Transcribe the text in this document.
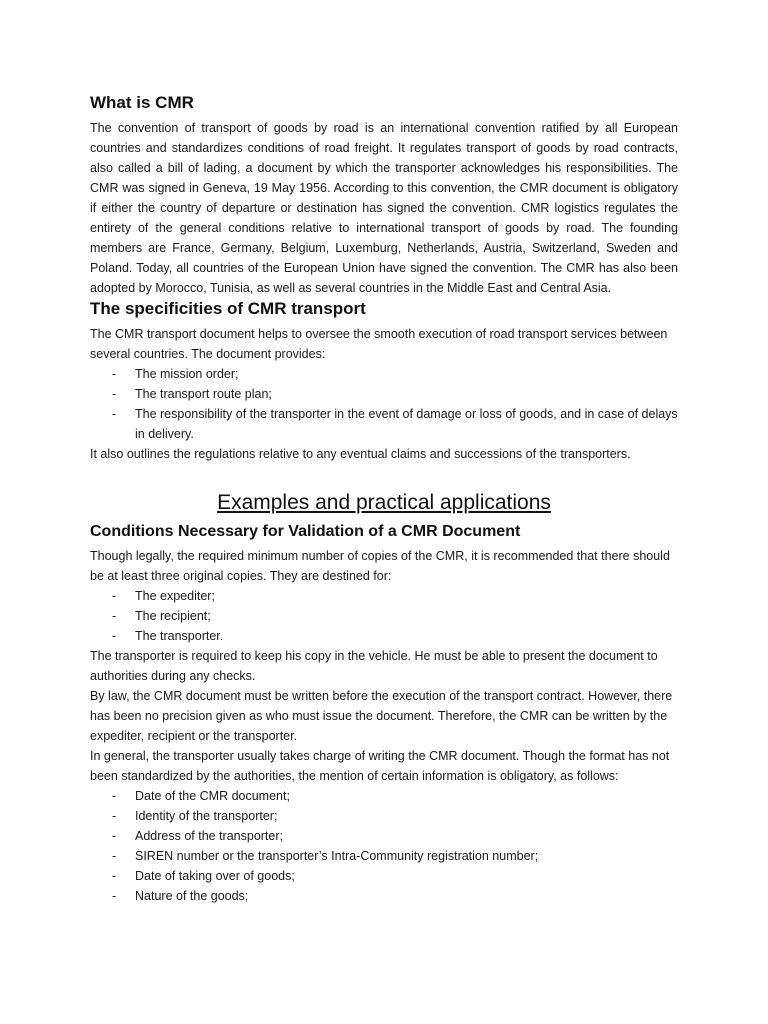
What is CMR

The convention of transport of goods by road is an international convention ratified by all European countries and standardizes conditions of road freight. It regulates transport of goods by road contracts, also called a bill of lading, a document by which the transporter acknowledges his responsibilities. The CMR was signed in Geneva, 19 May 1956. According to this convention, the CMR document is obligatory if either the country of departure or destination has signed the convention. CMR logistics regulates the entirety of the general conditions relative to international transport of goods by road. The founding members are France, Germany, Belgium, Luxemburg, Netherlands, Austria, Switzerland, Sweden and Poland. Today, all countries of the European Union have signed the convention. The CMR has also been adopted by Morocco, Tunisia, as well as several countries in the Middle East and Central Asia.

The specificities of CMR transport

The CMR transport document helps to oversee the smooth execution of road transport services between several countries. The document provides:

- The mission order;
- The transport route plan;
- The responsibility of the transporter in the event of damage or loss of goods, and in case of delays in delivery.

It also outlines the regulations relative to any eventual claims and successions of the transporters.

Examples and practical applications
Conditions Necessary for Validation of a CMR Document

Though legally, the required minimum number of copies of the CMR, it is recommended that there should be at least three original copies. They are destined for:

- The expediter;
- The recipient;
- The transporter.

The transporter is required to keep his copy in the vehicle. He must be able to present the document to authorities during any checks.

By law, the CMR document must be written before the execution of the transport contract. However, there has been no precision given as who must issue the document. Therefore, the CMR can be written by the expediter, recipient or the transporter.

In general, the transporter usually takes charge of writing the CMR document. Though the format has not been standardized by the authorities, the mention of certain information is obligatory, as follows:

- Date of the CMR document;
- Identity of the transporter;
- Address of the transporter;
- SIREN number or the transporter’s Intra-Community registration number;
- Date of taking over of goods;
- Nature of the goods;
